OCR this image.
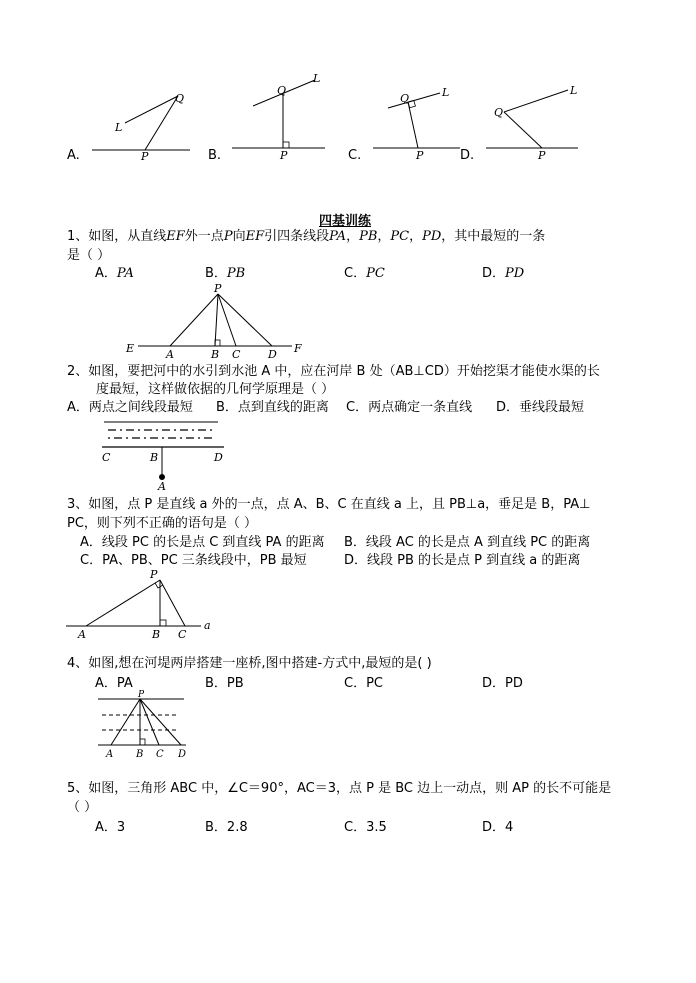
A.
Q
L
P	B.
Q
L
P	C.
Q	L
P	D.
Q
L
P
四基训练
1、如图，从直线EF外一点P向EF引四条线段PA，PB，PC，PD，其中最短的一条
是（ ）
A．PA	B．PB	C．PC	D．PD
P
E	A	B C	D F
2、如图，要把河中的水引到水池 A 中，应在河岸 B 处（AB⊥CD）开始挖渠才能使水渠的长
度最短，这样做依据的几何学原理是（ ）
A．两点之间线段最短 B．点到直线的距离 C．两点确定一条直线 D．垂线段最短
C	B	D
A
3、如图，点 P 是直线 a 外的一点，点 A、B、C 在直线 a 上，且 PB⊥a，垂足是 B，PA⊥
PC，则下列不正确的语句是（ ）
A．线段 PC 的长是点 C 到直线 PA 的距离 B．线段 AC 的长是点 A 到直线 PC 的距离
C．PA、PB、PC 三条线段中，PB 最短	D．线段 PB 的长是点 P 到直线 a 的距离
P
A	B C
a
4、如图,想在河堤两岸搭建一座桥,图中搭建-方式中,最短的是( )
A．PA	B．PB	C．PC	D．PD
P
A B C D
5、如图，三角形 ABC 中，∠C＝90°，AC＝3，点 P 是 BC 边上一动点，则 AP 的长不可能是
（ ）
A．3	B．2.8	C．3.5	D．4
